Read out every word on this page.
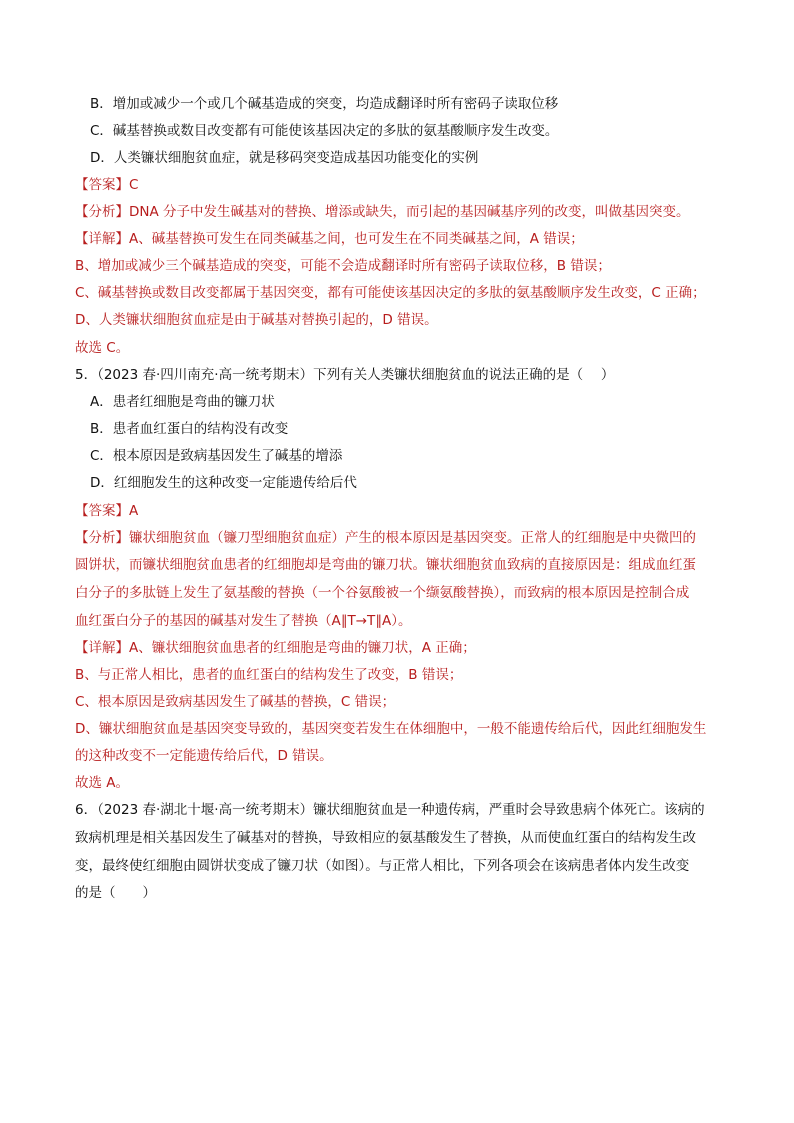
B．增加或减少一个或几个碱基造成的突变，均造成翻译时所有密码子读取位移
C．碱基替换或数目改变都有可能使该基因决定的多肽的氨基酸顺序发生改变。
D．人类镰状细胞贫血症，就是移码突变造成基因功能变化的实例
【答案】C
【分析】DNA 分子中发生碱基对的替换、增添或缺失，而引起的基因碱基序列的改变，叫做基因突变。
【详解】A、碱基替换可发生在同类碱基之间，也可发生在不同类碱基之间，A 错误；
B、增加或减少三个碱基造成的突变，可能不会造成翻译时所有密码子读取位移，B 错误；
C、碱基替换或数目改变都属于基因突变，都有可能使该基因决定的多肽的氨基酸顺序发生改变，C 正确；
D、人类镰状细胞贫血症是由于碱基对替换引起的，D 错误。
故选 C。
5．（2023 春·四川南充·高一统考期末）下列有关人类镰状细胞贫血的说法正确的是（　 ）
A．患者红细胞是弯曲的镰刀状
B．患者血红蛋白的结构没有改变
C．根本原因是致病基因发生了碱基的增添
D．红细胞发生的这种改变一定能遗传给后代
【答案】A
【分析】镰状细胞贫血（镰刀型细胞贫血症）产生的根本原因是基因突变。正常人的红细胞是中央微凹的
圆饼状，而镰状细胞贫血患者的红细胞却是弯曲的镰刀状。镰状细胞贫血致病的直接原因是：组成血红蛋
白分子的多肽链上发生了氨基酸的替换（一个谷氨酸被一个缬氨酸替换），而致病的根本原因是控制合成
血红蛋白分子的基因的碱基对发生了替换（A∥T→T∥A）。
【详解】A、镰状细胞贫血患者的红细胞是弯曲的镰刀状，A 正确；
B、与正常人相比，患者的血红蛋白的结构发生了改变，B 错误；
C、根本原因是致病基因发生了碱基的替换，C 错误；
D、镰状细胞贫血是基因突变导致的，基因突变若发生在体细胞中，一般不能遗传给后代，因此红细胞发生
的这种改变不一定能遗传给后代，D 错误。
故选 A。
6．（2023 春·湖北十堰·高一统考期末）镰状细胞贫血是一种遗传病，严重时会导致患病个体死亡。该病的
致病机理是相关基因发生了碱基对的替换，导致相应的氨基酸发生了替换，从而使血红蛋白的结构发生改
变，最终使红细胞由圆饼状变成了镰刀状（如图）。与正常人相比，下列各项会在该病患者体内发生改变
的是（　　）
